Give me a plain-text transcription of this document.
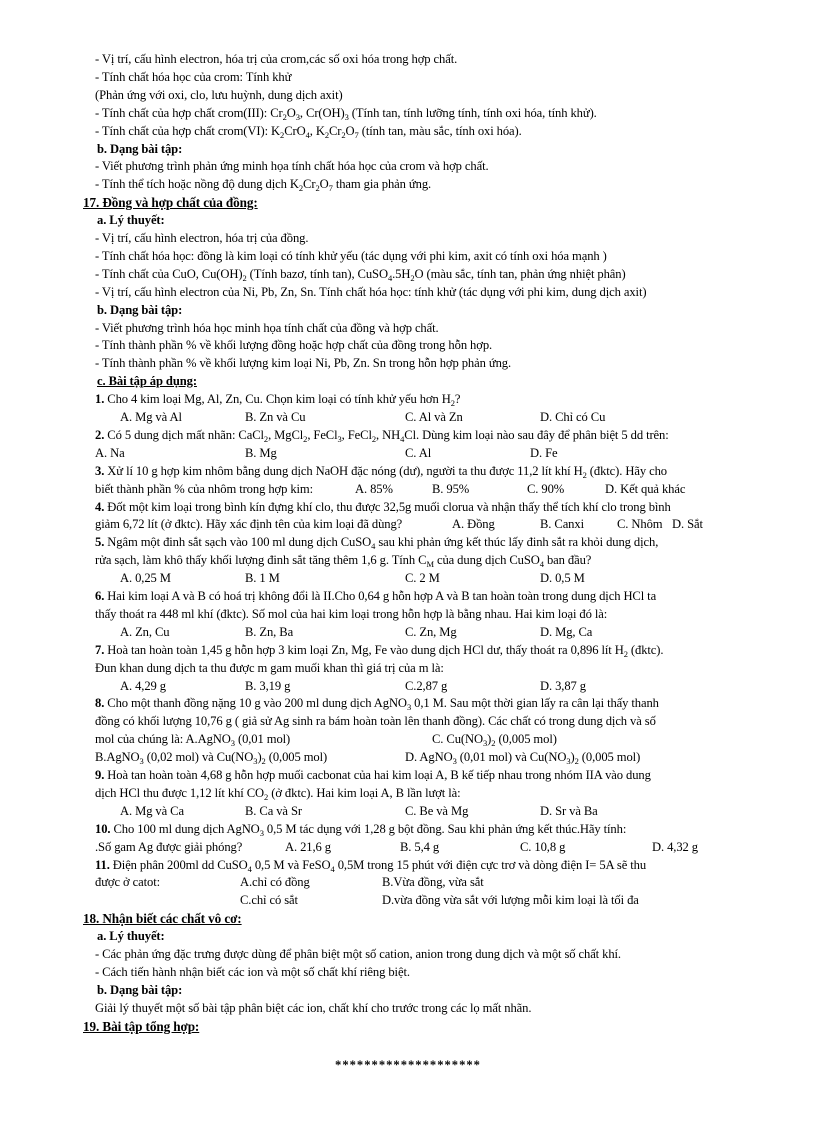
- Vị trí, cấu hình electron, hóa trị của crom,các số oxi hóa trong hợp chất.
- Tính chất hóa học của crom: Tính khử
(Phản ứng với oxi, clo, lưu huỳnh, dung dịch axit)
- Tính chất của hợp chất crom(III): $Cr_2O_3$, $Cr(OH)_3$ (Tính tan, tính lưỡng tính, tính oxi hóa, tính khử).
- Tính chất của hợp chất crom(VI): $K_2CrO_4$, $K_2Cr_2O_7$ (tính tan, màu sắc, tính oxi hóa).
b. Dạng bài tập:
- Viết phương trình phản ứng minh họa tính chất hóa học của crom và hợp chất.
- Tính thể tích hoặc nồng độ dung dịch $K_2Cr_2O_7$ tham gia phản ứng.
17. Đồng và hợp chất của đồng:
a. Lý thuyết:
- Vị trí, cấu hình electron, hóa trị của đồng.
- Tính chất hóa học: đồng là kim loại có tính khử yếu (tác dụng với phi kim, axit có tính oxi hóa mạnh )
- Tính chất của CuO, $Cu(OH)_2$ (Tính bazơ, tính tan), $CuSO_4.5H_2O$ (màu sắc, tính tan, phản ứng nhiệt phân)
- Vị trí, cấu hình electron của Ni, Pb, Zn, Sn. Tính chất hóa học: tính khử (tác dụng với phi kim, dung dịch axit)
b. Dạng bài tập:
- Viết phương trình hóa học minh họa tính chất của đồng và hợp chất.
- Tính thành phần % về khối lượng đồng hoặc hợp chất của đồng trong hỗn hợp.
- Tính thành phần % về khối lượng kim loại Ni, Pb, Zn. Sn trong hỗn hợp phản ứng.
c. Bài tập áp dụng:
1. Cho 4 kim loại Mg, Al, Zn, Cu. Chọn kim loại có tính khử yếu hơn $H_2$?
A. Mg và Al	B. Zn và Cu	C. Al và Zn	D. Chỉ có Cu
2. Có 5 dung dịch mất nhãn: CaCl$_2$, MgCl$_2$, FeCl$_3$, FeCl$_2$, $NH_4Cl$. Dùng kim loại nào sau đây để phân biệt 5 dd trên:
A. Na	B. Mg	C. Al	D. Fe
3. Xử lí 10 g hợp kim nhôm bằng dung dịch NaOH đặc nóng (dư), người ta thu được 11,2 lít khí $H_2$ (đktc). Hãy cho
biết thành phần % của nhôm trong hợp kim:	A. 85%	B. 95%	C. 90%	D. Kết quả khác
4. Đốt một kim loại trong bình kín đựng khí clo, thu được 32,5g muối clorua và nhận thấy thể tích khí clo trong bình
giảm 6,72 lít (ở đktc). Hãy xác định tên của kim loại đã dùng?	A. Đồng	B. Canxi	C. Nhôm D. Sắt
5. Ngâm một đinh sắt sạch vào 100 ml dung dịch CuSO$_4$ sau khi phản ứng kết thúc lấy đinh sắt ra khỏi dung dịch,
rửa sạch, làm khô thấy khối lượng đinh sắt tăng thêm 1,6 g. Tính $C_M$ của dung dịch CuSO$_4$ ban đầu?
A. 0,25 M	B. 1 M	C. 2 M	D. 0,5 M
6. Hai kim loại A và B có hoá trị không đổi là II.Cho 0,64 g hỗn hợp A và B tan hoàn toàn trong dung dịch HCl ta
thấy thoát ra 448 ml khí (đktc). Số mol của hai kim loại trong hỗn hợp là bằng nhau. Hai kim loại đó là:
A. Zn, Cu	B. Zn, Ba	C. Zn, Mg	D. Mg, Ca
7. Hoà tan hoàn toàn 1,45 g hỗn hợp 3 kim loại Zn, Mg, Fe vào dung dịch HCl dư, thấy thoát ra 0,896 lít $H_2$ (đktc).
Đun khan dung dịch ta thu được m gam muối khan thì giá trị của m là:
A. 4,29 g	B. 3,19 g	C.2,87 g	D. 3,87 g
8. Cho một thanh đồng nặng 10 g vào 200 ml dung dịch AgNO$_3$ 0,1 M. Sau một thời gian lấy ra cân lại thấy thanh
đồng có khối lượng 10,76 g ( giả sử Ag sinh ra bám hoàn toàn lên thanh đồng). Các chất có trong dung dịch và số
mol của chúng là: A.AgNO$_3$ (0,01 mol)	C. $Cu(NO_3)_2$ (0,005 mol)
B.AgNO$_3$ (0,02 mol) và $Cu(NO_3)_2$ (0,005 mol)	D. AgNO$_3$ (0,01 mol) và $Cu(NO_3)_2$ (0,005 mol)
9. Hoà tan hoàn toàn 4,68 g hỗn hợp muối cacbonat của hai kim loại A, B kế tiếp nhau trong nhóm IIA vào dung
dịch HCl thu được 1,12 lít khí $CO_2$ (ở đktc). Hai kim loại A, B lần lượt là:
A. Mg và Ca	B. Ca và Sr	C. Be và Mg	D. Sr và Ba
10. Cho 100 ml dung dịch AgNO$_3$ 0,5 M tác dụng với 1,28 g bột đồng. Sau khi phản ứng kết thúc.Hãy tính:
.Số gam Ag được giải phóng?	A. 21,6 g	B. 5,4 g	C. 10,8 g	D. 4,32 g
11. Điện phân 200ml dd CuSO$_4$ 0,5 M và FeSO$_4$ 0,5M trong 15 phút với điện cực trơ và dòng điện I= 5A sẽ thu
được ở catot:	A.chỉ có đồng	B.Vừa đồng, vừa sắt
C.chỉ có sắt	D.vừa đồng vừa sắt với lượng mỗi kim loại là tối đa
18. Nhận biết các chất vô cơ:
a. Lý thuyết:
- Các phản ứng đặc trưng được dùng để phân biệt một số cation, anion trong dung dịch và một số chất khí.
- Cách tiến hành nhận biết các ion và một số chất khí riêng biệt.
b. Dạng bài tập:
Giải lý thuyết một số bài tập phân biệt các ion, chất khí cho trước trong các lọ mất nhãn.
19. Bài tập tổng hợp:
********************
